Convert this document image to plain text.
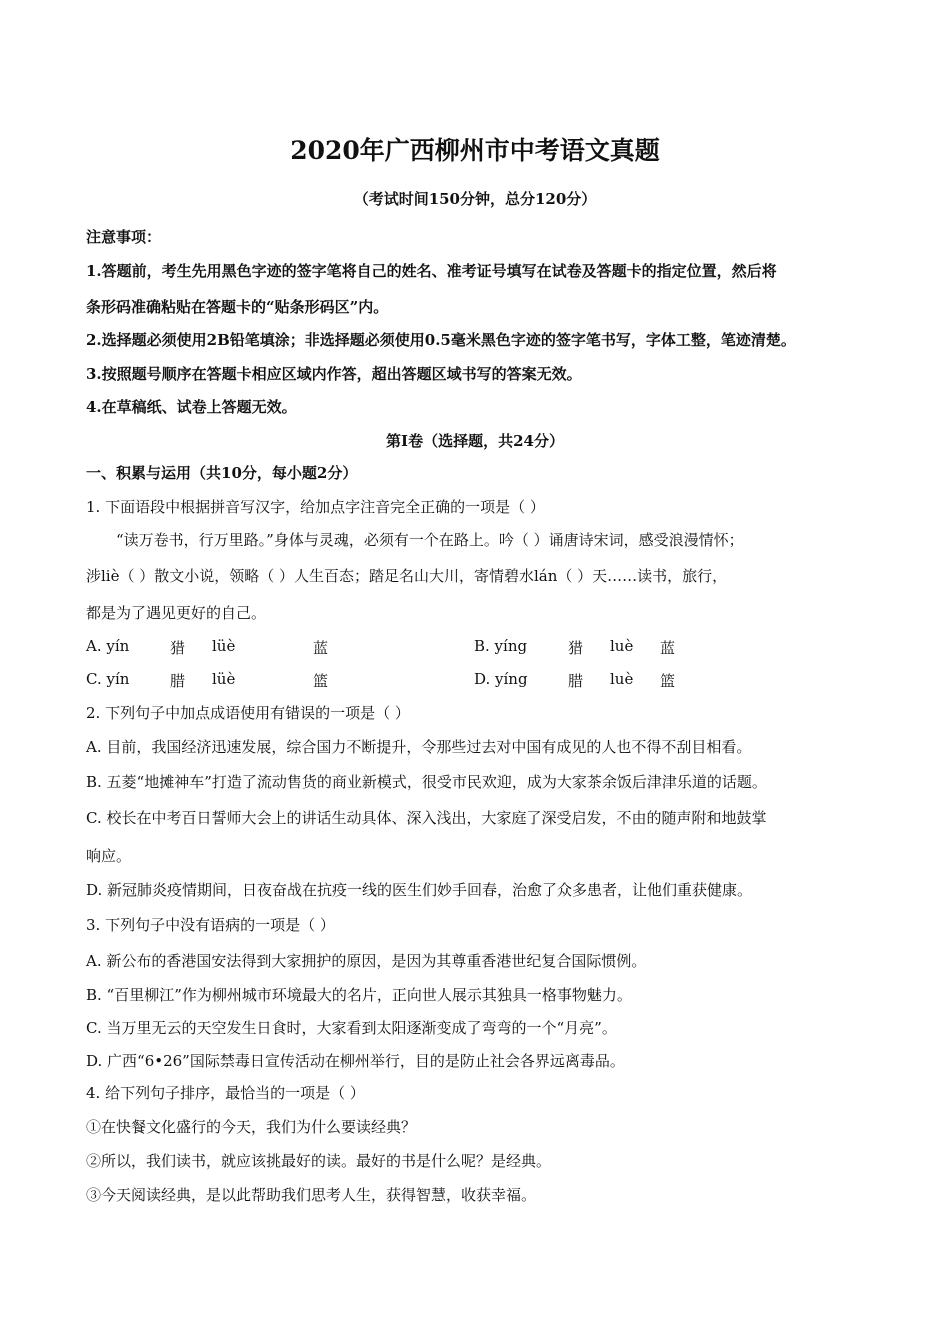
2020年广西柳州市中考语文真题
（考试时间150分钟，总分120分）
注意事项：
1.答题前，考生先用黑色字迹的签字笔将自己的姓名、准考证号填写在试卷及答题卡的指定位置，然后将
条形码准确粘贴在答题卡的“贴条形码区”内。
2.选择题必须使用2B铅笔填涂；非选择题必须使用0.5毫米黑色字迹的签字笔书写，字体工整，笔迹清楚。
3.按照题号顺序在答题卡相应区域内作答，超出答题区域书写的答案无效。
4.在草稿纸、试卷上答题无效。
第Ⅰ卷（选择题，共24分）
一、积累与运用（共10分，每小题2分）
1. 下面语段中根据拼音写汉字，给加点字注音完全正确的一项是（ ）
“读万卷书，行万里路。”身体与灵魂，必须有一个在路上。吟（ ）诵唐诗宋词，感受浪漫情怀；
涉liè（ ）散文小说，领略（ ）人生百态；踏足名山大川，寄情碧水lán（ ）天……读书，旅行，
都是为了遇见更好的自己。
A. yín	猎 lüè	蓝	B. yíng	猎 luè 蓝
C. yín	腊 lüè	篮	D. yíng	腊 luè 篮
2. 下列句子中加点成语使用有错误的一项是（ ）
A. 目前，我国经济迅速发展，综合国力不断提升，令那些过去对中国有成见的人也不得不刮目相看。
B. 五菱“地摊神车”打造了流动售货的商业新模式，很受市民欢迎，成为大家茶余饭后津津乐道的话题。
C. 校长在中考百日誓师大会上的讲话生动具体、深入浅出，大家庭了深受启发，不由的随声附和地鼓掌
响应。
D. 新冠肺炎疫情期间，日夜奋战在抗疫一线的医生们妙手回春，治愈了众多患者，让他们重获健康。
3. 下列句子中没有语病的一项是（ ）
A. 新公布的香港国安法得到大家拥护的原因，是因为其尊重香港世纪复合国际惯例。
B. “百里柳江”作为柳州城市环境最大的名片，正向世人展示其独具一格事物魅力。
C. 当万里无云的天空发生日食时，大家看到太阳逐渐变成了弯弯的一个“月亮”。
D. 广西“6•26”国际禁毒日宣传活动在柳州举行，目的是防止社会各界远离毒品。
4. 给下列句子排序，最恰当的一项是（ ）
①在快餐文化盛行的今天，我们为什么要读经典？
②所以，我们读书，就应该挑最好的读。最好的书是什么呢？是经典。
③今天阅读经典，是以此帮助我们思考人生，获得智慧，收获幸福。
